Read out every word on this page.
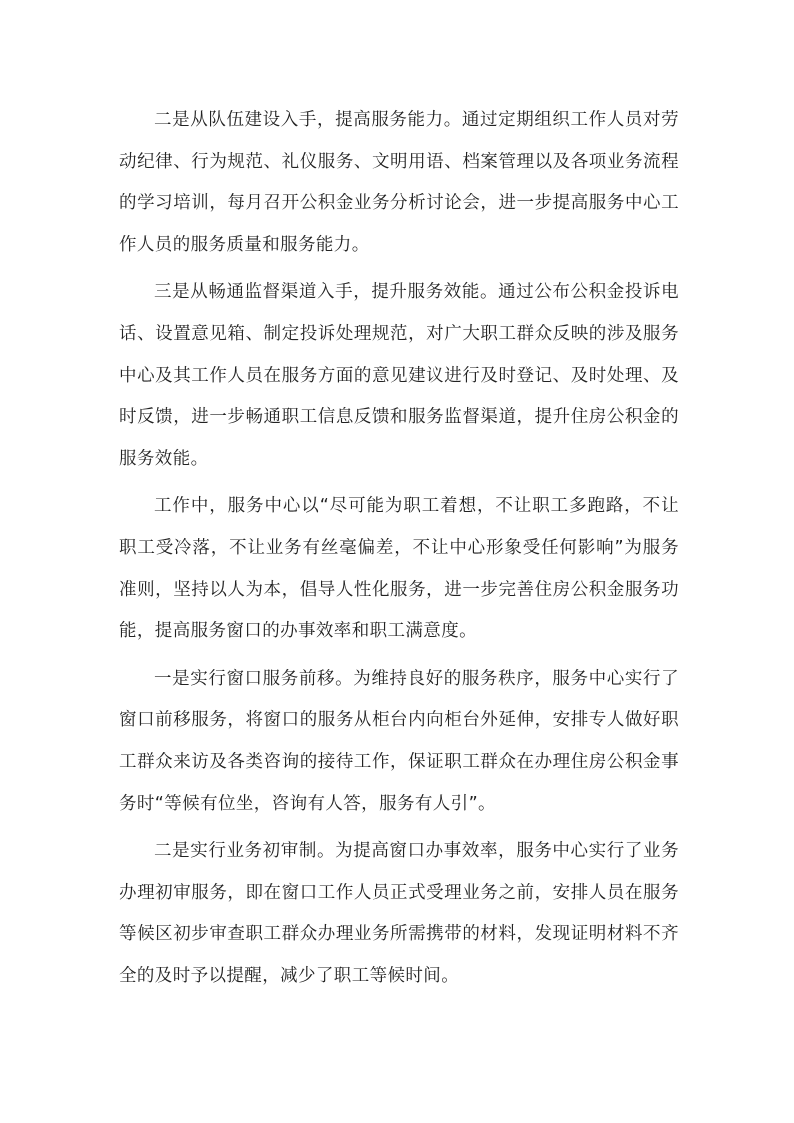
二是从队伍建设入手，提高服务能力。通过定期组织工作人员对劳动纪律、行为规范、礼仪服务、文明用语、档案管理以及各项业务流程的学习培训，每月召开公积金业务分析讨论会，进一步提高服务中心工作人员的服务质量和服务能力。

三是从畅通监督渠道入手，提升服务效能。通过公布公积金投诉电话、设置意见箱、制定投诉处理规范，对广大职工群众反映的涉及服务中心及其工作人员在服务方面的意见建议进行及时登记、及时处理、及时反馈，进一步畅通职工信息反馈和服务监督渠道，提升住房公积金的服务效能。

工作中，服务中心以“尽可能为职工着想，不让职工多跑路，不让职工受冷落，不让业务有丝毫偏差，不让中心形象受任何影响”为服务准则，坚持以人为本，倡导人性化服务，进一步完善住房公积金服务功能，提高服务窗口的办事效率和职工满意度。

一是实行窗口服务前移。为维持良好的服务秩序，服务中心实行了窗口前移服务，将窗口的服务从柜台内向柜台外延伸，安排专人做好职工群众来访及各类咨询的接待工作，保证职工群众在办理住房公积金事务时“等候有位坐，咨询有人答，服务有人引”。

二是实行业务初审制。为提高窗口办事效率，服务中心实行了业务办理初审服务，即在窗口工作人员正式受理业务之前，安排人员在服务等候区初步审查职工群众办理业务所需携带的材料，发现证明材料不齐全的及时予以提醒，减少了职工等候时间。
